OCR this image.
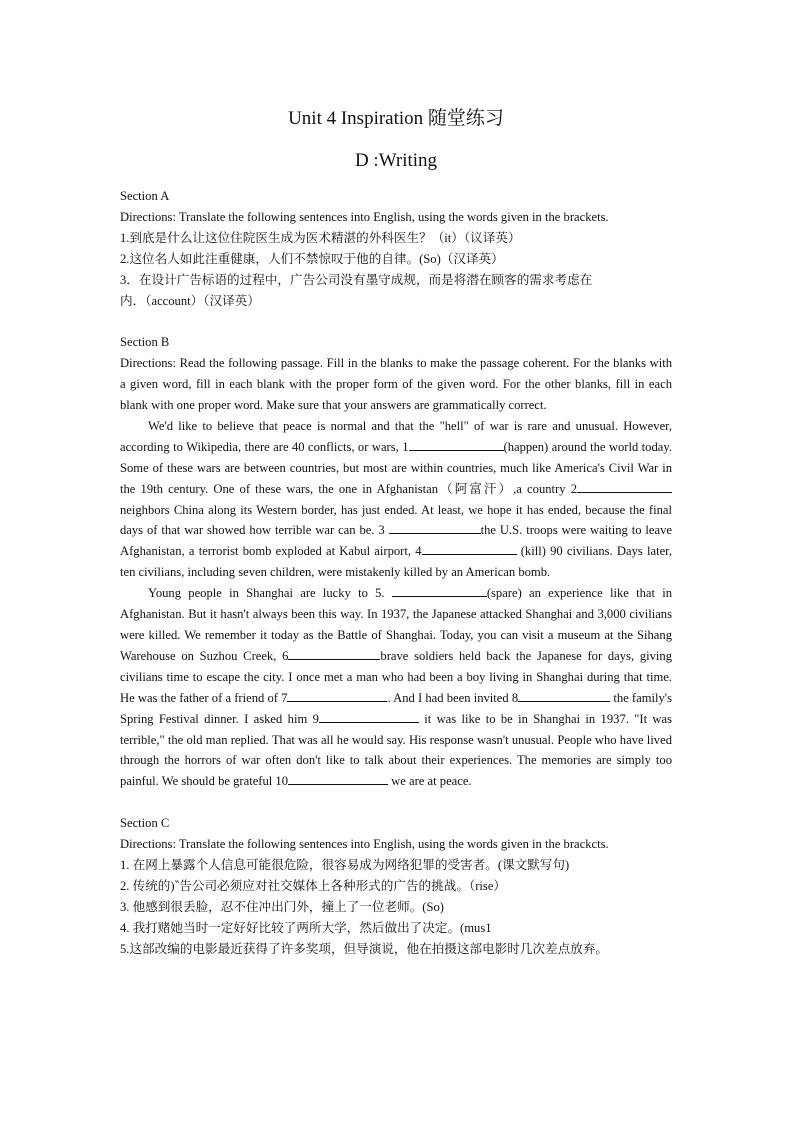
Unit 4 Inspiration 随堂练习
D :Writing
Section A
Directions: Translate the following sentences into English, using the words given in the brackets.
1.到底是什么让这位住院医生成为医术精湛的外科医生？（it）（议译英）
2.这位名人如此注重健康，人们不禁惊叹于他的自律。(So)（汉译英）
3．在设计广告标语的过程中，广告公司没有墨守成规，而是将潜在顾客的需求考虑在
内．（account）（汉译英）
Section B
Directions: Read the following passage. Fill in the blanks to make the passage coherent. For the blanks with a given word, fill in each blank with the proper form of the given word. For the other blanks, fill in each blank with one proper word. Make sure that your answers are grammatically correct.
We'd like to believe that peace is normal and that the "hell" of war is rare and unusual. However, according to Wikipedia, there are 40 conflicts, or wars, 1	(happen) around the world today. Some of these wars are between countries, but most are within countries, much like America's Civil War in the 19th century. One of these wars, the one in Afghanistan（阿富汗）,a country 2 neighbors China along its Western border, has just ended. At least, we hope it has ended, because the final days of that war showed how terrible war can be. 3	the U.S. troops were waiting to leave Afghanistan, a terrorist bomb exploded at Kabul airport, 4	(kill) 90 civilians. Days later, ten civilians, including seven children, were mistakenly killed by an American bomb.
Young people in Shanghai are lucky to 5.	(spare) an experience like that in Afghanistan. But it hasn't always been this way. In 1937, the Japanese attacked Shanghai and 3,000 civilians were killed. We remember it today as the Battle of Shanghai. Today, you can visit a museum at the Sihang Warehouse on Suzhou Creek, 6	brave soldiers held back the Japanese for days, giving civilians time to escape the city. I once met a man who had been a boy living in Shanghai during that time. He was the father of a friend of 7	. And I had been invited 8	the family's Spring Festival dinner. I asked him 9	it was like to be in Shanghai in 1937. "It was terrible," the old man replied. That was all he would say. His response wasn't unusual. People who have lived through the horrors of war often don't like to talk about their experiences. The memories are simply too painful. We should be grateful 10	we are at peace.
Section C
Directions: Translate the following sentences into English, using the words given in the brackcts.
1. 在网上暴露个人信息可能很危险，很容易成为网络犯罪的受害者。(课文默写句)
2. 传统的)‶告公司必须应对社交媒体上各种形式的广告的挑战。（rise）
3. 他感到很丢脸，忍不住冲出门外，撞上了一位老师。(So)
4. 我打赌她当时一定好好比较了两所大学，然后做出了决定。(mus1
5.这部改编的电影最近获得了许多奖项，但导演说，他在拍摄这部电影时几次差点放弃。
